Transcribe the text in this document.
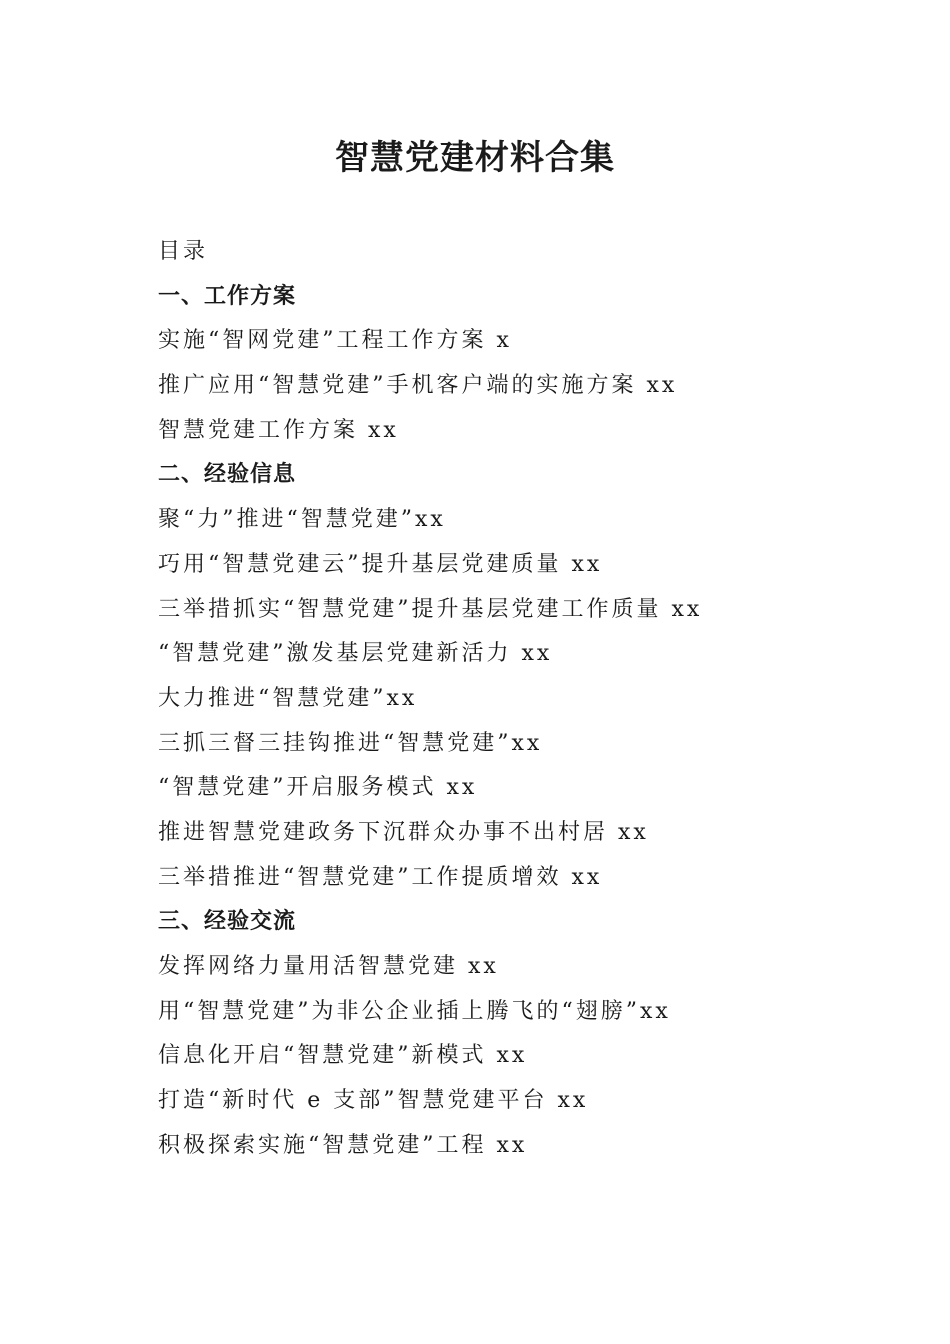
智慧党建材料合集
目录
一、工作方案
实施“智网党建”工程工作方案 x
推广应用“智慧党建”手机客户端的实施方案 xx
智慧党建工作方案 xx
二、经验信息
聚“力”推进“智慧党建”xx
巧用“智慧党建云”提升基层党建质量 xx
三举措抓实“智慧党建”提升基层党建工作质量 xx
“智慧党建”激发基层党建新活力 xx
大力推进“智慧党建”xx
三抓三督三挂钩推进“智慧党建”xx
“智慧党建”开启服务模式 xx
推进智慧党建政务下沉群众办事不出村居 xx
三举措推进“智慧党建”工作提质增效 xx
三、经验交流
发挥网络力量用活智慧党建 xx
用“智慧党建”为非公企业插上腾飞的“翅膀”xx
信息化开启“智慧党建”新模式 xx
打造“新时代 e 支部”智慧党建平台 xx
积极探索实施“智慧党建”工程 xx
